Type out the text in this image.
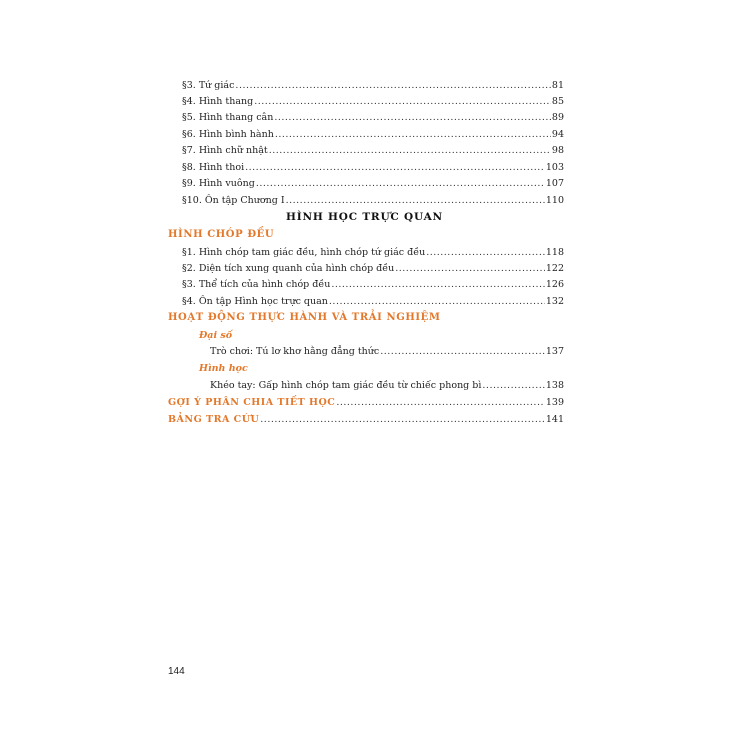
§3. Tứ giác .....	81
§4. Hình thang .....	85
§5. Hình thang cân .....	89
§6. Hình bình hành .....	94
§7. Hình chữ nhật .....	98
§8. Hình thoi .....	103
§9. Hình vuông .....	107
§10. Ôn tập Chương I .....	110
HÌNH HỌC TRỰC QUAN
HÌNH CHÓP ĐỀU
§1. Hình chóp tam giác đều, hình chóp tứ giác đều .....	118
§2. Diện tích xung quanh của hình chóp đều .....	122
§3. Thể tích của hình chóp đều .....	126
§4. Ôn tập Hình học trực quan .....	132
HOẠT ĐỘNG THỰC HÀNH VÀ TRẢI NGHIỆM
Đại số
Trò chơi: Tú lơ khơ hằng đẳng thức .....	137
Hình học
Khéo tay: Gấp hình chóp tam giác đều từ chiếc phong bì .....	138
GỢI Ý PHÂN CHIA TIẾT HỌC .....	139
BẢNG TRA CỨU .....	141
144
